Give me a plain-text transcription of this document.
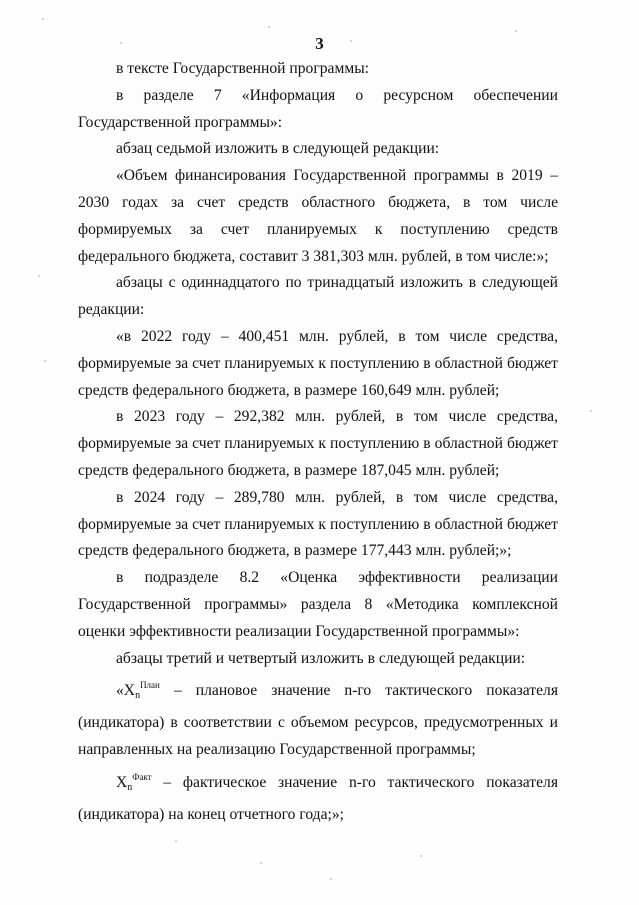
3

в тексте Государственной программы:

в разделе 7 «Информация о ресурсном обеспечении Государственной программы»:

абзац седьмой изложить в следующей редакции:

«Объем финансирования Государственной программы в 2019 – 2030 годах за счет средств областного бюджета, в том числе формируемых за счет планируемых к поступлению средств федерального бюджета, составит 3 381,303 млн. рублей, в том числе:»;

абзацы с одиннадцатого по тринадцатый изложить в следующей редакции:

«в 2022 году – 400,451 млн. рублей, в том числе средства, формируемые за счет планируемых к поступлению в областной бюджет средств федерального бюджета, в размере 160,649 млн. рублей;

в 2023 году – 292,382 млн. рублей, в том числе средства, формируемые за счет планируемых к поступлению в областной бюджет средств федерального бюджета, в размере 187,045 млн. рублей;

в 2024 году – 289,780 млн. рублей, в том числе средства, формируемые за счет планируемых к поступлению в областной бюджет средств федерального бюджета, в размере 177,443 млн. рублей;»;

в подразделе 8.2 «Оценка эффективности реализации Государственной программы» раздела 8 «Методика комплексной оценки эффективности реализации Государственной программы»:

абзацы третий и четвертый изложить в следующей редакции:

«$X_n^{План}$ – плановое значение n-го тактического показателя (индикатора) в соответствии с объемом ресурсов, предусмотренных и направленных на реализацию Государственной программы;

$X_n^{Факт}$ – фактическое значение n-го тактического показателя (индикатора) на конец отчетного года;»;
